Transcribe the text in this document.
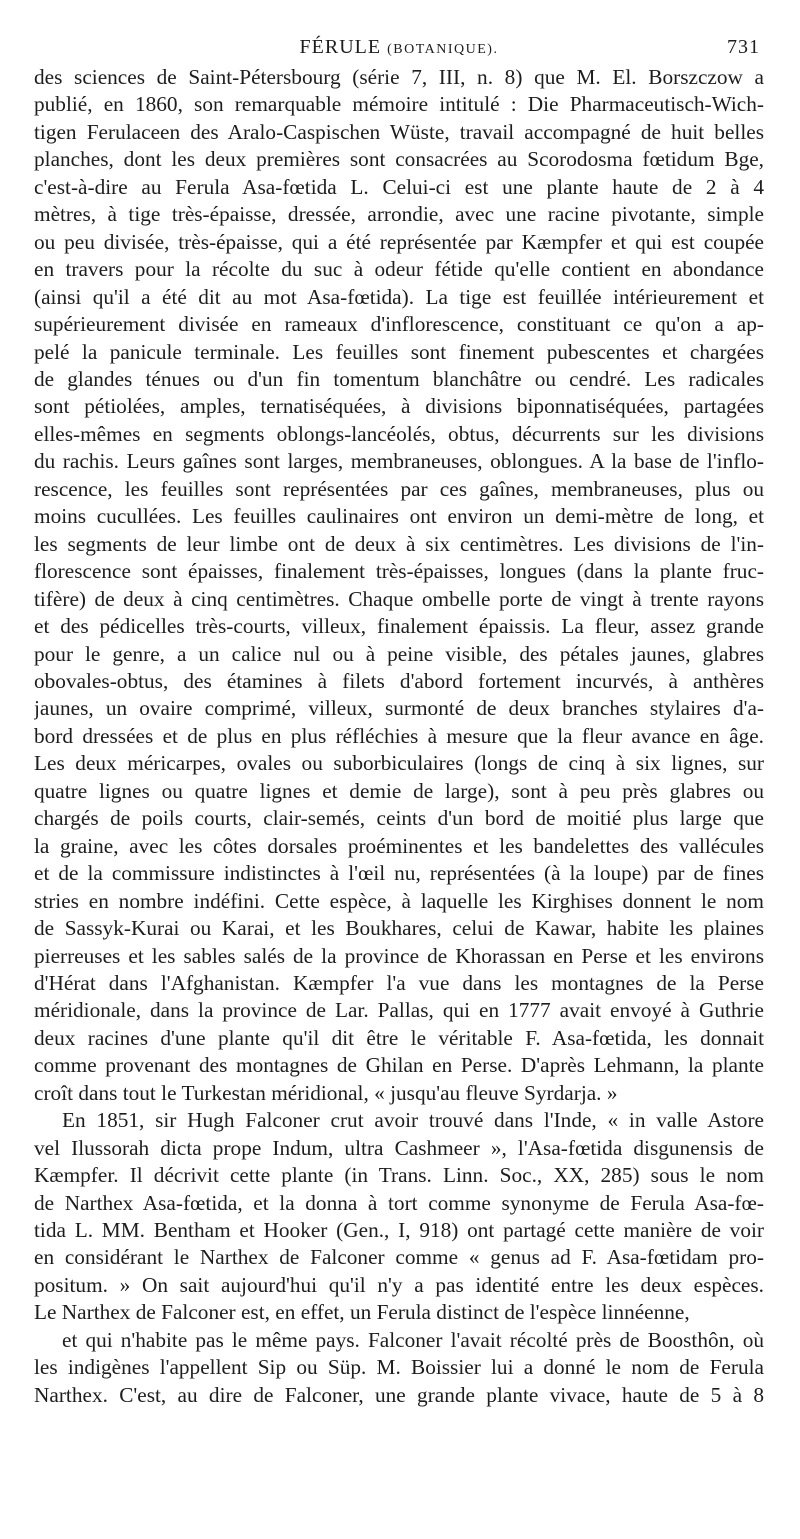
FÉRULE (BOTANIQUE).	731
des sciences de Saint-Pétersbourg (série 7, III, n. 8) que M. El. Borszczow a
publié, en 1860, son remarquable mémoire intitulé : Die Pharmaceutisch-Wich-
tigen Ferulaceen des Aralo-Caspischen Wüste, travail accompagné de huit belles
planches, dont les deux premières sont consacrées au Scorodosma fœtidum Bge,
c'est-à-dire au Ferula Asa-fœtida L. Celui-ci est une plante haute de 2 à 4
mètres, à tige très-épaisse, dressée, arrondie, avec une racine pivotante, simple
ou peu divisée, très-épaisse, qui a été représentée par Kæmpfer et qui est coupée
en travers pour la récolte du suc à odeur fétide qu'elle contient en abondance
(ainsi qu'il a été dit au mot Asa-fœtida). La tige est feuillée intérieurement et
supérieurement divisée en rameaux d'inflorescence, constituant ce qu'on a ap-
pelé la panicule terminale. Les feuilles sont finement pubescentes et chargées
de glandes ténues ou d'un fin tomentum blanchâtre ou cendré. Les radicales
sont pétiolées, amples, ternatiséquées, à divisions biponnatiséquées, partagées
elles-mêmes en segments oblongs-lancéolés, obtus, décurrents sur les divisions
du rachis. Leurs gaînes sont larges, membraneuses, oblongues. A la base de l'inflo-
rescence, les feuilles sont représentées par ces gaînes, membraneuses, plus ou
moins cucullées. Les feuilles caulinaires ont environ un demi-mètre de long, et
les segments de leur limbe ont de deux à six centimètres. Les divisions de l'in-
florescence sont épaisses, finalement très-épaisses, longues (dans la plante fruc-
tifère) de deux à cinq centimètres. Chaque ombelle porte de vingt à trente rayons
et des pédicelles très-courts, villeux, finalement épaissis. La fleur, assez grande
pour le genre, a un calice nul ou à peine visible, des pétales jaunes, glabres
obovales-obtus, des étamines à filets d'abord fortement incurvés, à anthères
jaunes, un ovaire comprimé, villeux, surmonté de deux branches stylaires d'a-
bord dressées et de plus en plus réfléchies à mesure que la fleur avance en âge.
Les deux méricarpes, ovales ou suborbiculaires (longs de cinq à six lignes, sur
quatre lignes ou quatre lignes et demie de large), sont à peu près glabres ou
chargés de poils courts, clair-semés, ceints d'un bord de moitié plus large que
la graine, avec les côtes dorsales proéminentes et les bandelettes des vallécules
et de la commissure indistinctes à l'œil nu, représentées (à la loupe) par de fines
stries en nombre indéfini. Cette espèce, à laquelle les Kirghises donnent le nom
de Sassyk-Kurai ou Karai, et les Boukhares, celui de Kawar, habite les plaines
pierreuses et les sables salés de la province de Khorassan en Perse et les environs
d'Hérat dans l'Afghanistan. Kæmpfer l'a vue dans les montagnes de la Perse
méridionale, dans la province de Lar. Pallas, qui en 1777 avait envoyé à Guthrie
deux racines d'une plante qu'il dit être le véritable F. Asa-fœtida, les donnait
comme provenant des montagnes de Ghilan en Perse. D'après Lehmann, la plante
croît dans tout le Turkestan méridional, « jusqu'au fleuve Syrdarja. »
En 1851, sir Hugh Falconer crut avoir trouvé dans l'Inde, « in valle Astore
vel Ilussorah dicta prope Indum, ultra Cashmeer », l'Asa-fœtida disgunensis de
Kæmpfer. Il décrivit cette plante (in Trans. Linn. Soc., XX, 285) sous le nom
de Narthex Asa-fœtida, et la donna à tort comme synonyme de Ferula Asa-fœ-
tida L. MM. Bentham et Hooker (Gen., I, 918) ont partagé cette manière de voir
en considérant le Narthex de Falconer comme « genus ad F. Asa-fœtidam pro-
positum. » On sait aujourd'hui qu'il n'y a pas identité entre les deux espèces.
Le Narthex de Falconer est, en effet, un Ferula distinct de l'espèce linnéenne,
et qui n'habite pas le même pays. Falconer l'avait récolté près de Boosthôn, où
les indigènes l'appellent Sip ou Süp. M. Boissier lui a donné le nom de Ferula
Narthex. C'est, au dire de Falconer, une grande plante vivace, haute de 5 à 8
